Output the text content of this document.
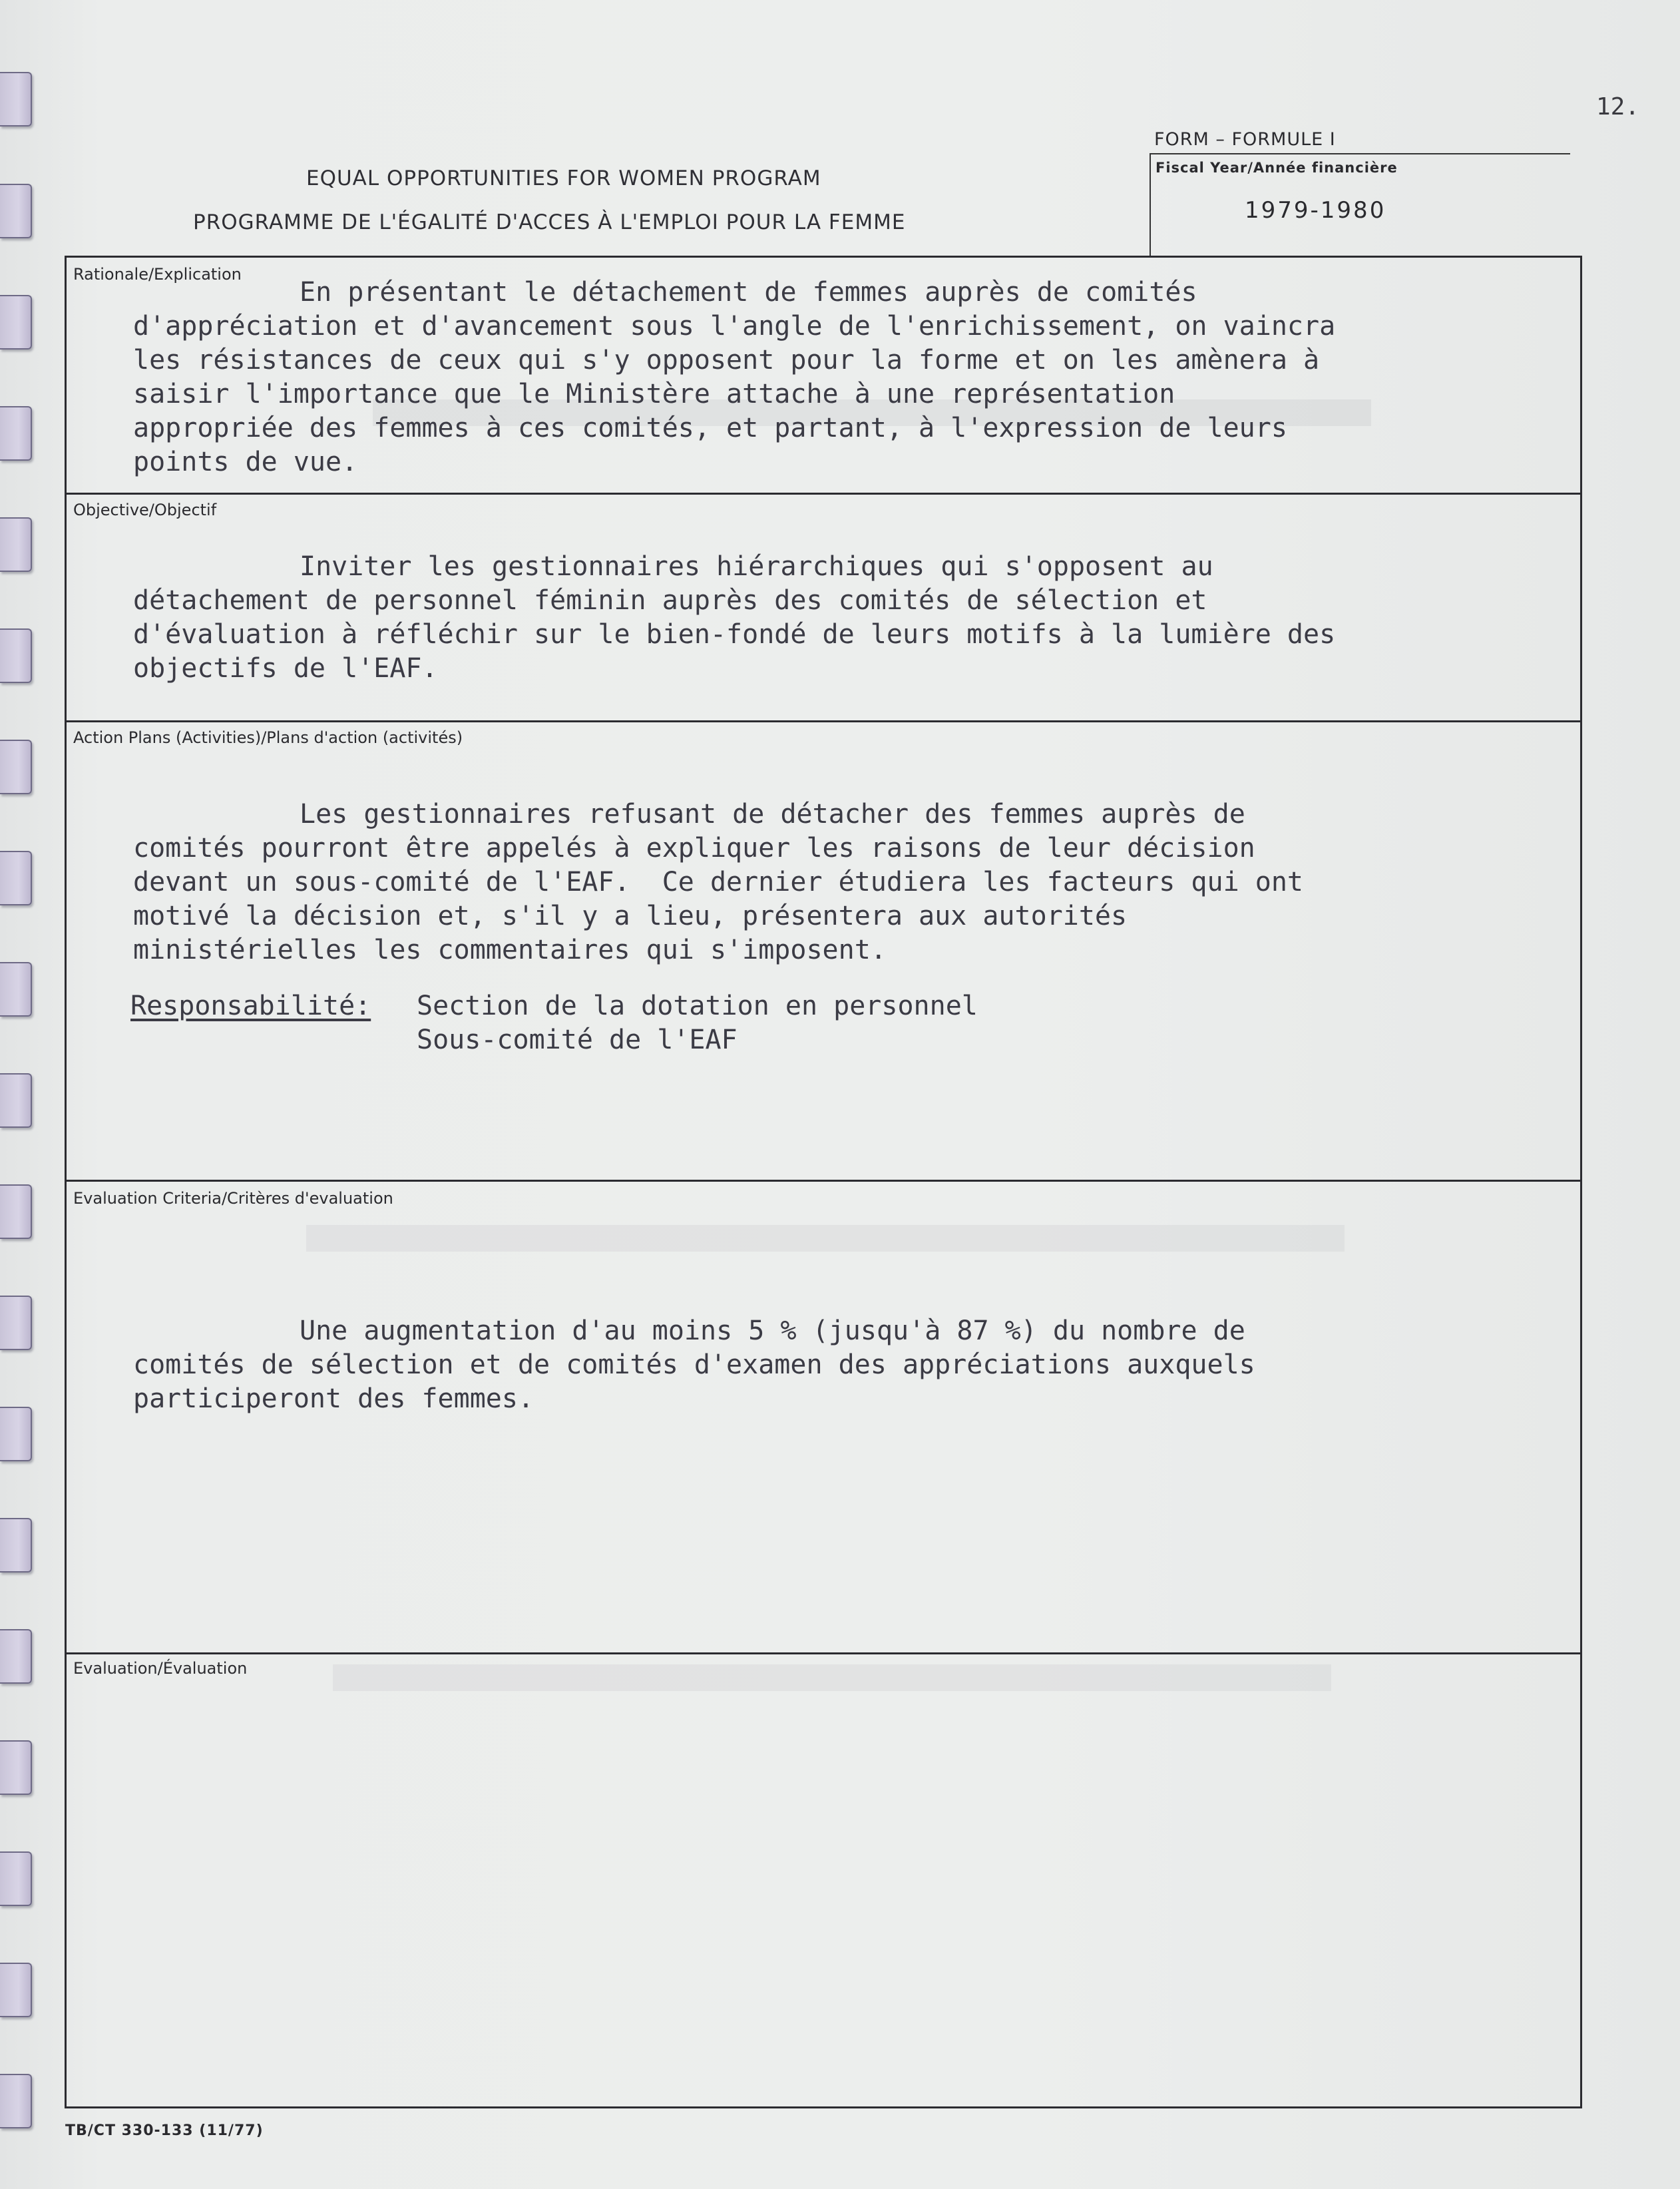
12.
EQUAL OPPORTUNITIES FOR WOMEN PROGRAM
PROGRAMME DE L'ÉGALITÉ D'ACCES À L'EMPLOI POUR LA FEMME
FORM – FORMULE I
Fiscal Year/Année financière
1979-1980
Rationale/Explication
En présentant le détachement de femmes auprès de comités
d'appréciation et d'avancement sous l'angle de l'enrichissement, on vaincra
les résistances de ceux qui s'y opposent pour la forme et on les amènera à
saisir l'importance que le Ministère attache à une représentation
appropriée des femmes à ces comités, et partant, à l'expression de leurs
points de vue.
Objective/Objectif
Inviter les gestionnaires hiérarchiques qui s'opposent au
détachement de personnel féminin auprès des comités de sélection et
d'évaluation à réfléchir sur le bien-fondé de leurs motifs à la lumière des
objectifs de l'EAF.
Action Plans (Activities)/Plans d'action (activités)
Les gestionnaires refusant de détacher des femmes auprès de
comités pourront être appelés à expliquer les raisons de leur décision
devant un sous-comité de l'EAF.  Ce dernier étudiera les facteurs qui ont
motivé la décision et, s'il y a lieu, présentera aux autorités
ministérielles les commentaires qui s'imposent.
Responsabilité: Section de la dotation en personnel
Sous-comité de l'EAF
Evaluation Criteria/Critères d'evaluation
Une augmentation d'au moins 5 % (jusqu'à 87 %) du nombre de
comités de sélection et de comités d'examen des appréciations auxquels
participeront des femmes.
Evaluation/Évaluation
TB/CT 330-133 (11/77)
